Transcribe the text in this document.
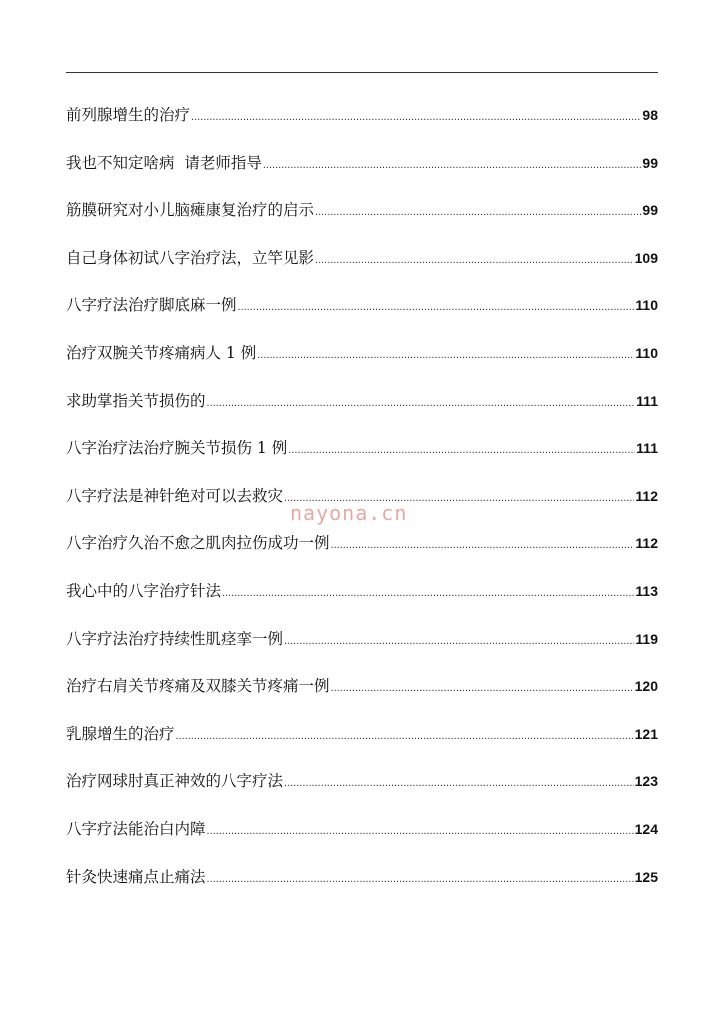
前列腺增生的治疗 .....	98
我也不知定啥病  请老师指导 .....	99
筋膜研究对小儿脑瘫康复治疗的启示 .....	99
自己身体初试八字治疗法，立竿见影 .....	109
八字疗法治疗脚底麻一例 .....	110
治疗双腕关节疼痛病人 1 例 .....	110
求助掌指关节损伤的 .....	111
八字治疗法治疗腕关节损伤 1 例 .....	111
八字疗法是神针绝对可以去救灾 .....	112
八字治疗久治不愈之肌肉拉伤成功一例 .....	112
我心中的八字治疗针法 .....	113
八字疗法治疗持续性肌痉挛一例 .....	119
治疗右肩关节疼痛及双膝关节疼痛一例 .....	120
乳腺增生的治疗 .....	121
治疗网球肘真正神效的八字疗法 .....	123
八字疗法能治白内障 .....	124
针灸快速痛点止痛法 .....	125
nayona.cn
